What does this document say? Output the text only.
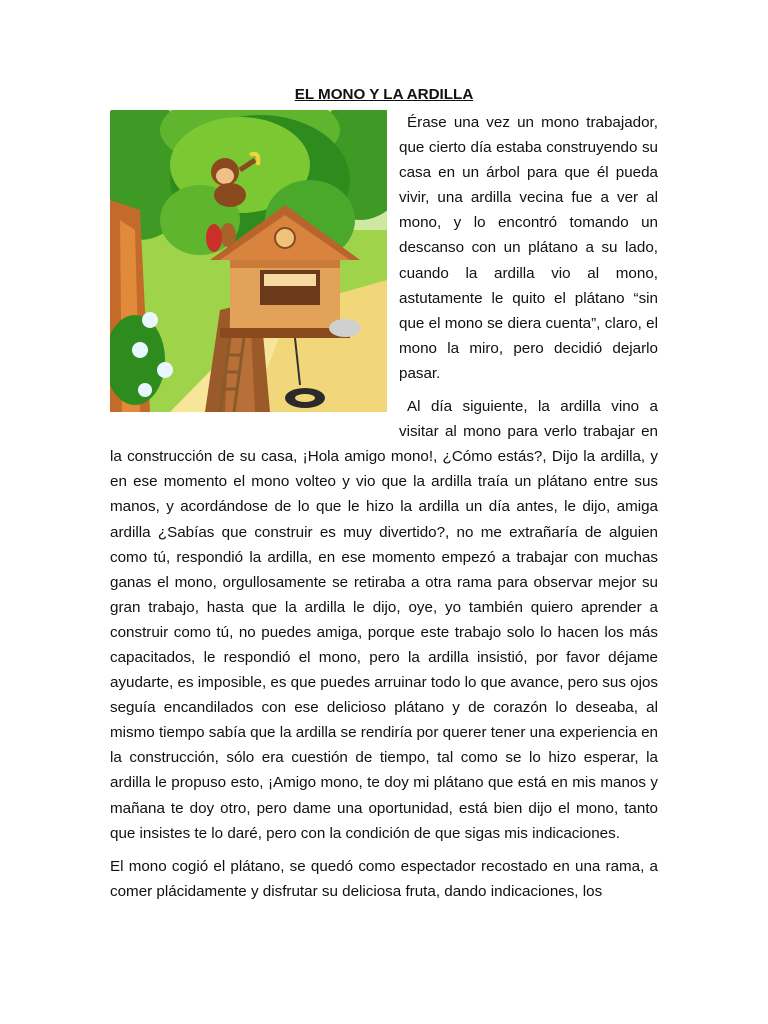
EL MONO Y LA ARDILLA

Érase una vez un mono trabajador, que cierto día estaba construyendo su casa en un árbol para que él pueda vivir, una ardilla vecina fue a ver al mono, y lo encontró tomando un descanso con un plátano a su lado, cuando la ardilla vio al mono, astutamente le quito el plátano “sin que el mono se diera cuenta”, claro, el mono la miro, pero decidió dejarlo pasar.

Al día siguiente, la ardilla vino a visitar al mono para verlo trabajar en la construcción de su casa, ¡Hola amigo mono!, ¿Cómo estás?, Dijo la ardilla, y en ese momento el mono volteo y vio que la ardilla traía un plátano entre sus manos, y acordándose de lo que le hizo la ardilla un día antes, le dijo, amiga ardilla ¿Sabías que construir es muy divertido?, no me extrañaría de alguien como tú, respondió la ardilla, en ese momento empezó a trabajar con muchas ganas el mono, orgullosamente se retiraba a otra rama para observar mejor su gran trabajo, hasta que la ardilla le dijo, oye, yo también quiero aprender a construir como tú, no puedes amiga, porque este trabajo solo lo hacen los más capacitados, le respondió el mono, pero la ardilla insistió, por favor déjame ayudarte, es imposible, es que puedes arruinar todo lo que avance, pero sus ojos seguía encandilados con ese delicioso plátano y de corazón lo deseaba, al mismo tiempo sabía que la ardilla se rendiría por querer tener una experiencia en la construcción, sólo era cuestión de tiempo, tal como se lo hizo esperar, la ardilla le propuso esto, ¡Amigo mono, te doy mi plátano que está en mis manos y mañana te doy otro, pero dame una oportunidad, está bien dijo el mono, tanto que insistes te lo daré, pero con la condición de que sigas mis indicaciones.

El mono cogió el plátano, se quedó como espectador recostado en una rama, a comer plácidamente y disfrutar su deliciosa fruta, dando indicaciones, los
